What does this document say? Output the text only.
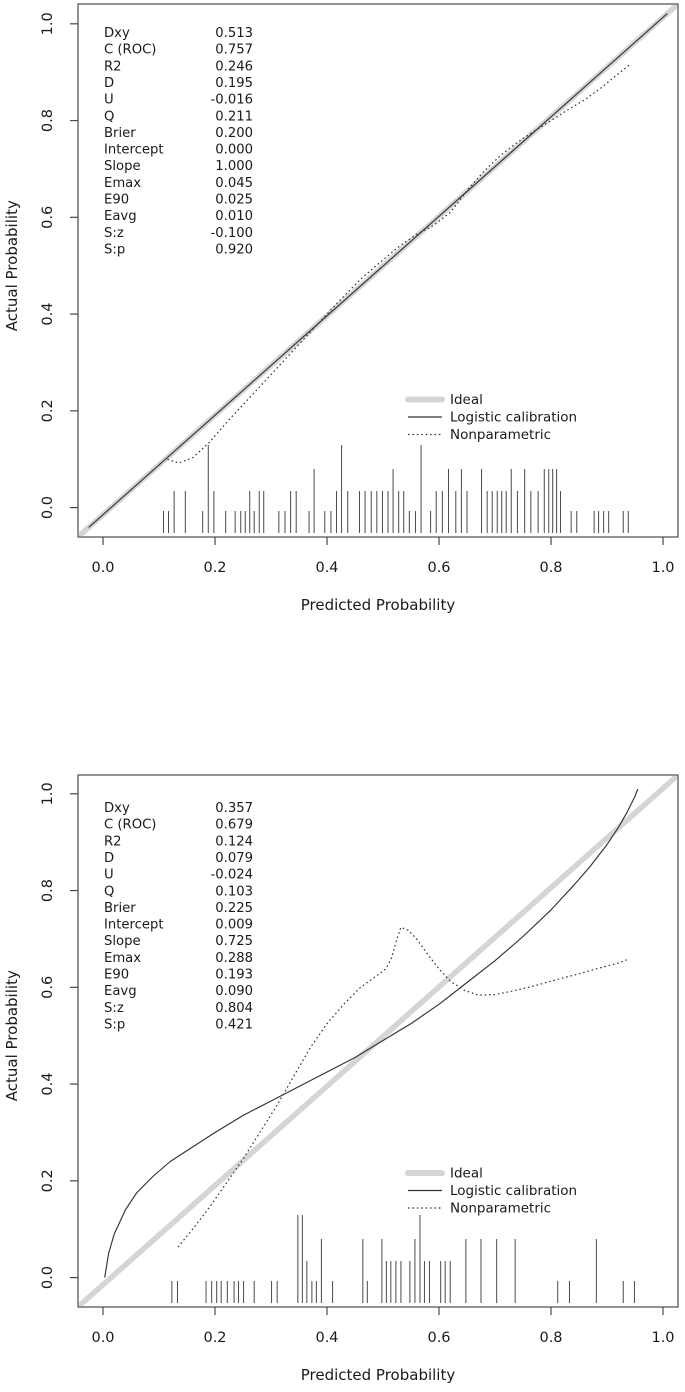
0.0	0.2	0.4	0.6	0.8	1.0
0.0
0.2
0.4
0.6
0.8
1.0
Predicted Probability
Actual Probability
Dxy	0.513
C (ROC)	0.757
R2	0.246
D	0.195
U	-0.016
Q	0.211
Brier	0.200
Intercept	0.000
Slope	1.000
Emax	0.045
E90	0.025
Eavg	0.010
S:z	-0.100
S:p	0.920
Ideal
Logistic calibration
Nonparametric
0.0	0.2	0.4	0.6	0.8	1.0
0.0
0.2
0.4
0.6
0.8
1.0
Predicted Probability
Actual Probability
Dxy	0.357
C (ROC)	0.679
R2	0.124
D	0.079
U	-0.024
Q	0.103
Brier	0.225
Intercept	0.009
Slope	0.725
Emax	0.288
E90	0.193
Eavg	0.090
S:z	0.804
S:p	0.421
Ideal
Logistic calibration
Nonparametric
